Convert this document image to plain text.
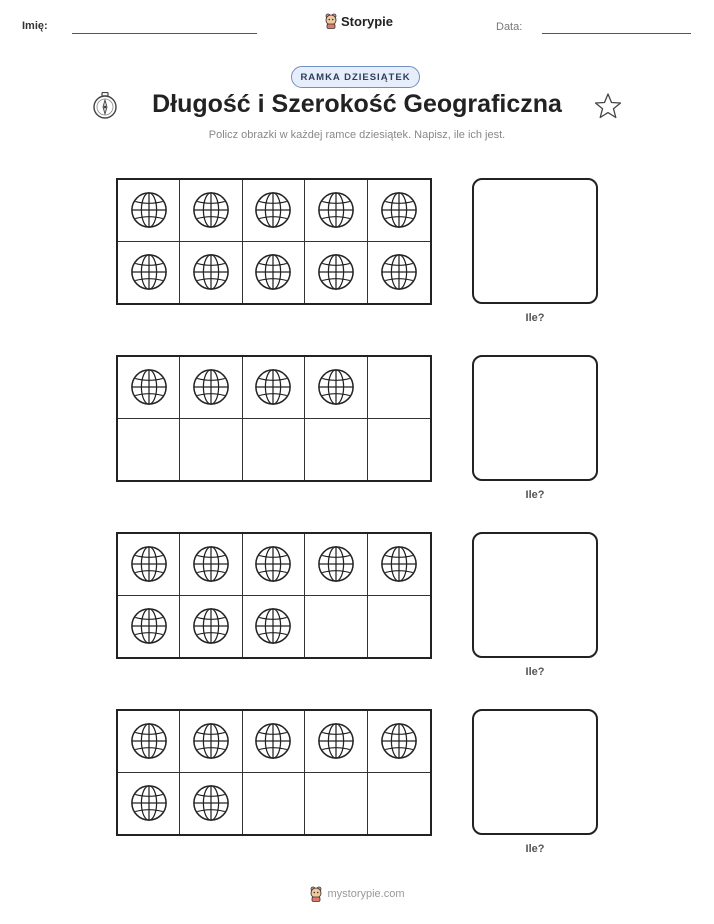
Imię:	Storypie	Data:
RAMKA DZIESIĄTEK
Długość i Szerokość Geograficzna
Policz obrazki w każdej ramce dziesiątek. Napisz, ile ich jest.
Ile?
Ile?
Ile?
Ile?
mystorypie.com
